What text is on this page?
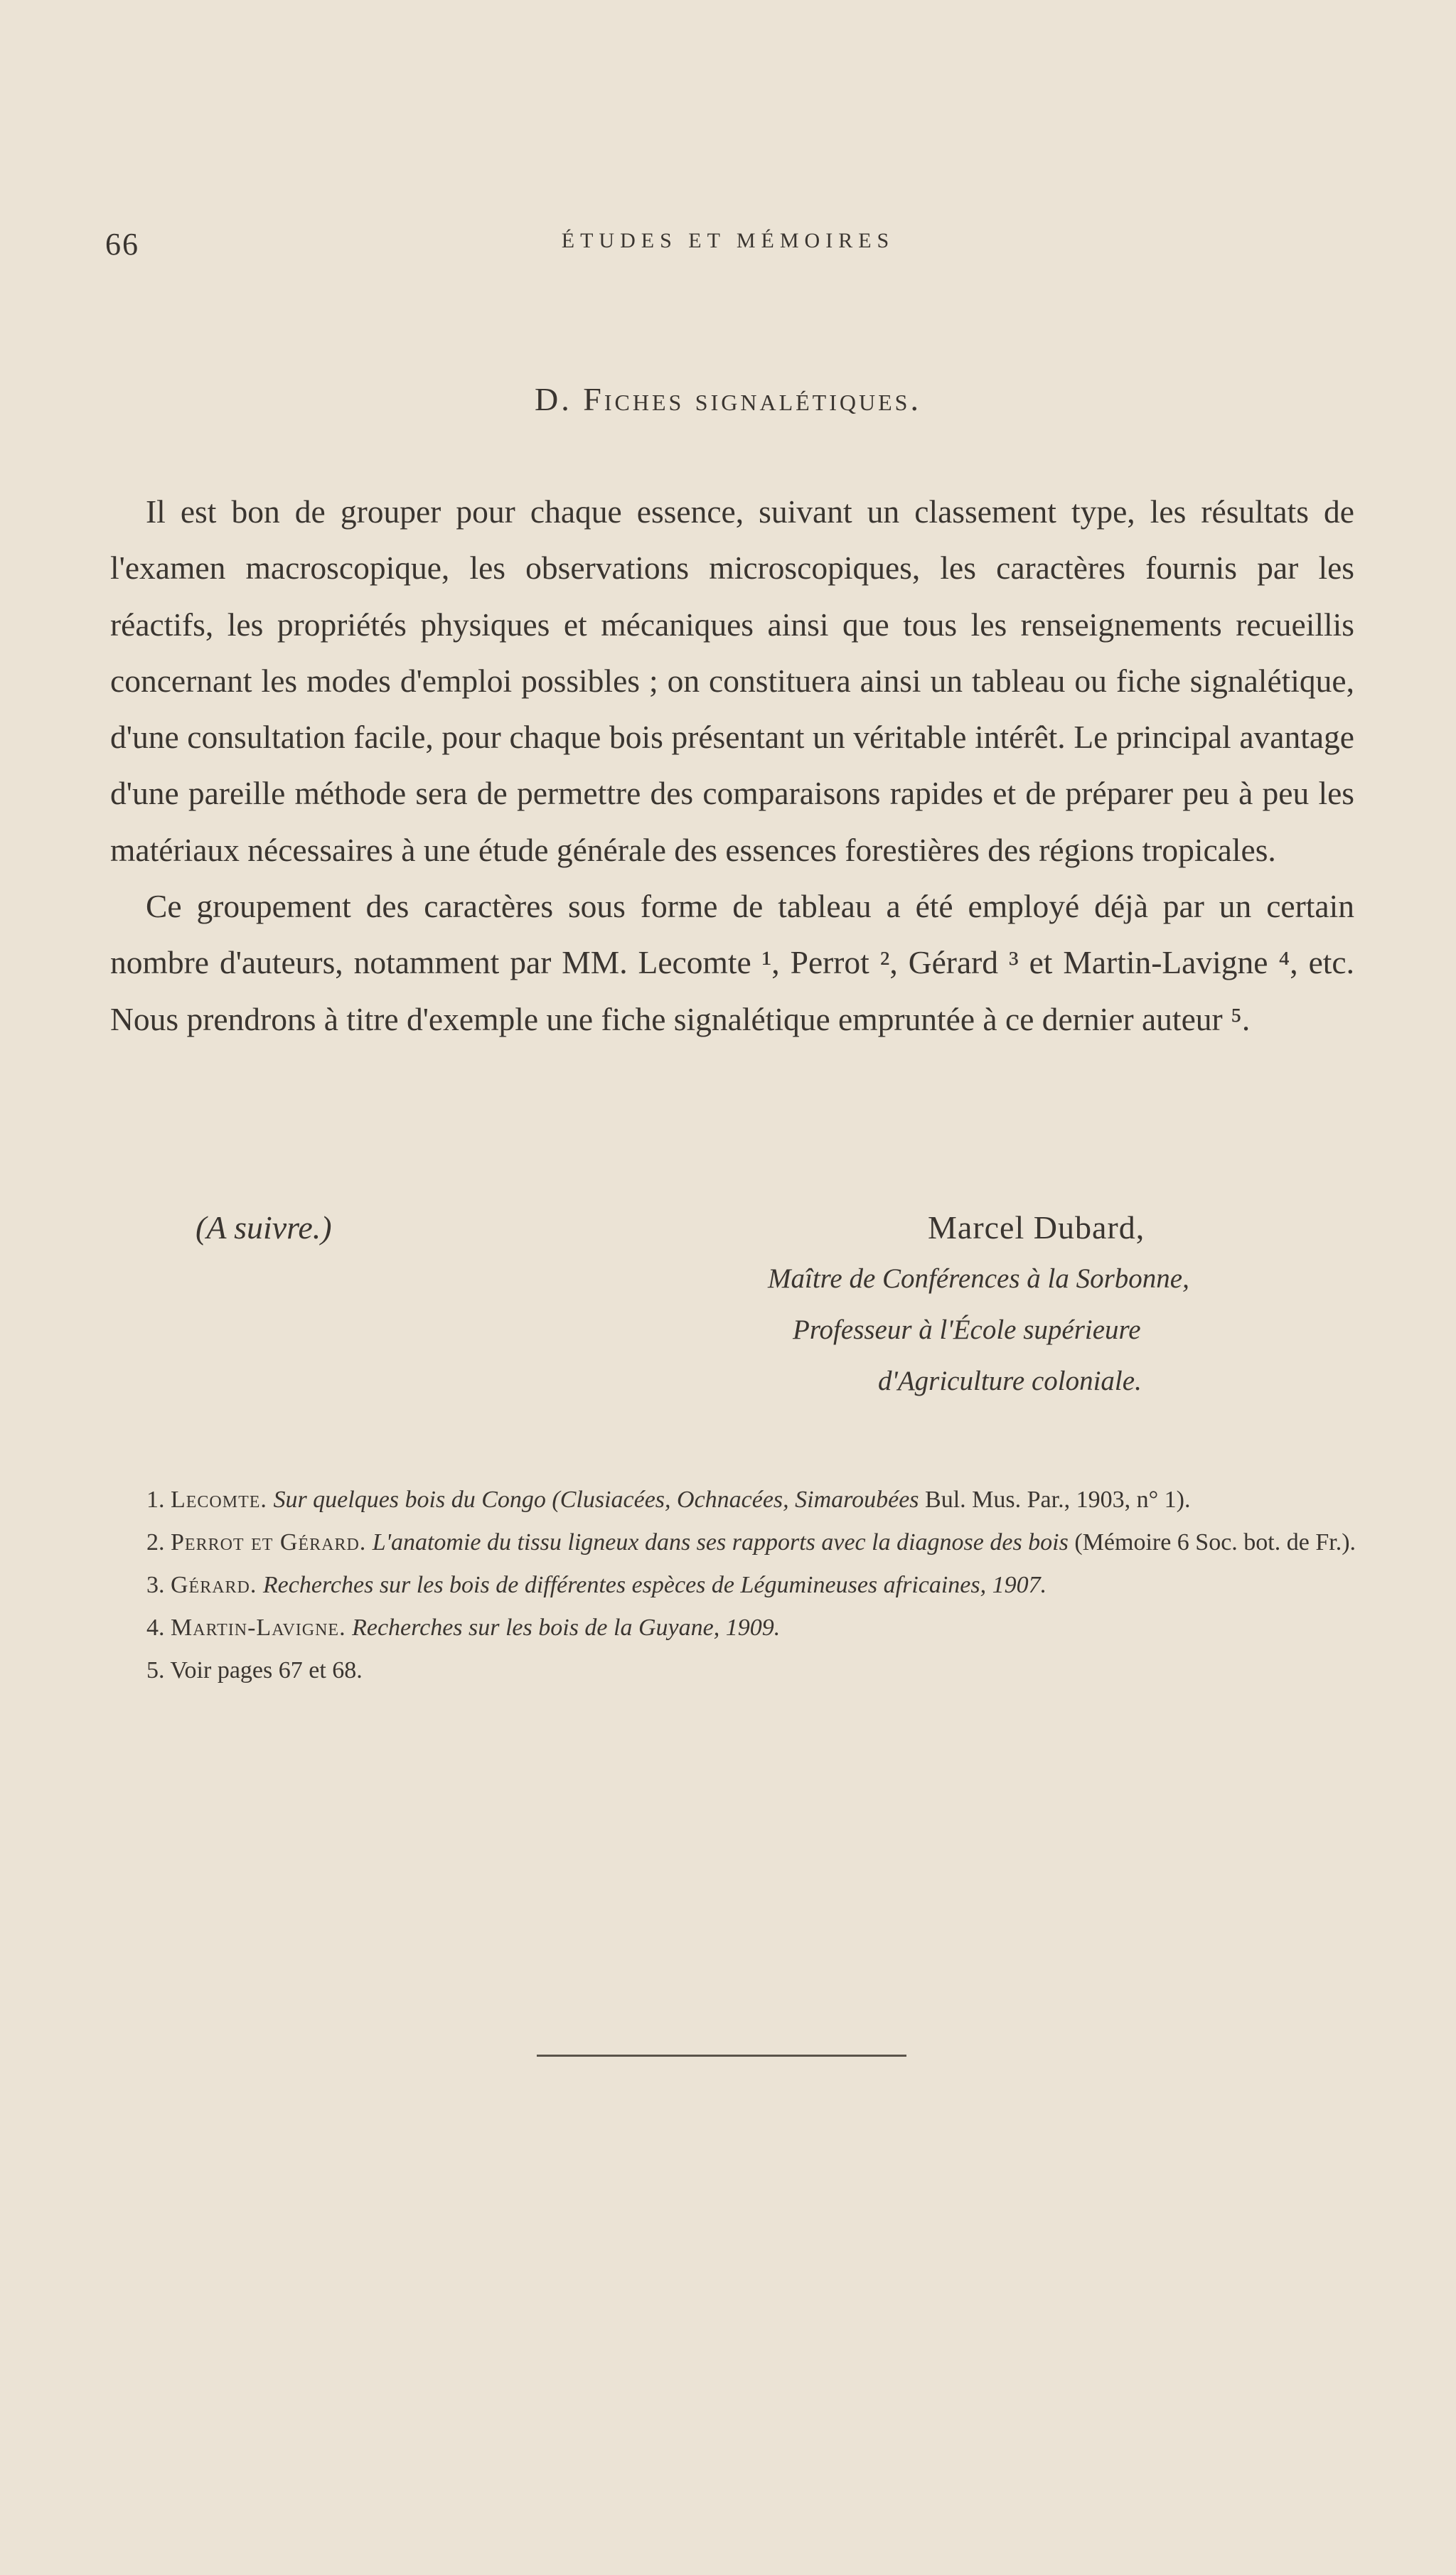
66	ÉTUDES ET MÉMOIRES
D. Fiches signalétiques.

Il est bon de grouper pour chaque essence, suivant un classement type, les résultats de l'examen macroscopique, les observations microscopiques, les caractères fournis par les réactifs, les propriétés physiques et mécaniques ainsi que tous les renseignements recueillis concernant les modes d'emploi possibles ; on constituera ainsi un tableau ou fiche signalétique, d'une consultation facile, pour chaque bois présentant un véritable intérêt. Le principal avantage d'une pareille méthode sera de permettre des comparaisons rapides et de préparer peu à peu les matériaux nécessaires à une étude générale des essences forestières des régions tropicales.

Ce groupement des caractères sous forme de tableau a été employé déjà par un certain nombre d'auteurs, notamment par MM. Lecomte ¹, Perrot ², Gérard ³ et Martin-Lavigne ⁴, etc. Nous prendrons à titre d'exemple une fiche signalétique empruntée à ce dernier auteur ⁵.

(A suivre.)	Marcel Dubard,
Maître de Conférences à la Sorbonne,
Professeur à l'École supérieure
d'Agriculture coloniale.

1. Lecomte. Sur quelques bois du Congo (Clusiacées, Ochnacées, Simaroubées Bul. Mus. Par., 1903, n° 1).

2. Perrot et Gérard. L'anatomie du tissu ligneux dans ses rapports avec la diagnose des bois (Mémoire 6 Soc. bot. de Fr.).

3. Gérard. Recherches sur les bois de différentes espèces de Légumineuses africaines, 1907.

4. Martin-Lavigne. Recherches sur les bois de la Guyane, 1909.

5. Voir pages 67 et 68.
